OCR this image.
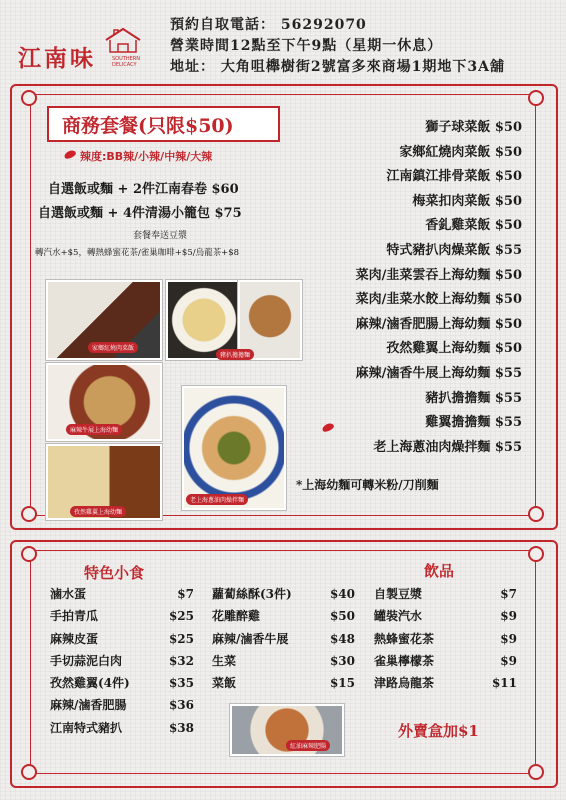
江南味	SOUTHERN
DELICACY
預約自取電話： 56292070
營業時間12點至下午9點（星期一休息）
地址： 大角咀櫸樹街2號富多來商場1期地下3A舖
商務套餐(只限$50)
辣度:BB辣/小辣/中辣/大辣
自選飯或麵 + 2件江南春卷 $60
自選飯或麵 + 4件清湯小籠包 $75
套餐奉送豆漿
轉汽水+$5，轉熱蜂蜜花茶/雀巢咖啡+$5/烏龍茶+$8
家鄉紅燒肉菜飯
豬扒擔擔麵
麻辣牛展上海幼麵
老上海蔥油肉燥拌麵
孜然雞翼上海幼麵
獅子球菜飯 $50
家鄉紅燒肉菜飯 $50
江南鎮江排骨菜飯 $50
梅菜扣肉菜飯 $50
香釓雞菜飯 $50
特式豬扒肉燥菜飯 $55
菜肉/韭菜雲吞上海幼麵 $50
菜肉/韭菜水餃上海幼麵 $50
麻辣/滷香肥腸上海幼麵 $50
孜然雞翼上海幼麵 $50
麻辣/滷香牛展上海幼麵 $55
豬扒擔擔麵 $55
雞翼擔擔麵 $55
老上海蔥油肉燥拌麵 $55
*上海幼麵可轉米粉/刀削麵
特色小食	飲品
滷水蛋	$7
手拍青瓜	$25
麻辣皮蛋	$25
手切蒜泥白肉	$32
孜然雞翼(4件)	$35
麻辣/滷香肥腸	$36
江南特式豬扒	$38
蘿蔔絲酥(3件)	$40
花雕醉雞	$50
麻辣/滷香牛展	$48
生菜	$30
菜飯	$15
自製豆漿	$7
罐裝汽水	$9
熱蜂蜜花茶	$9
雀巢檸檬茶	$9
津路烏龍茶	$11
紅油麻辣肥腸
外賣盒加$1
